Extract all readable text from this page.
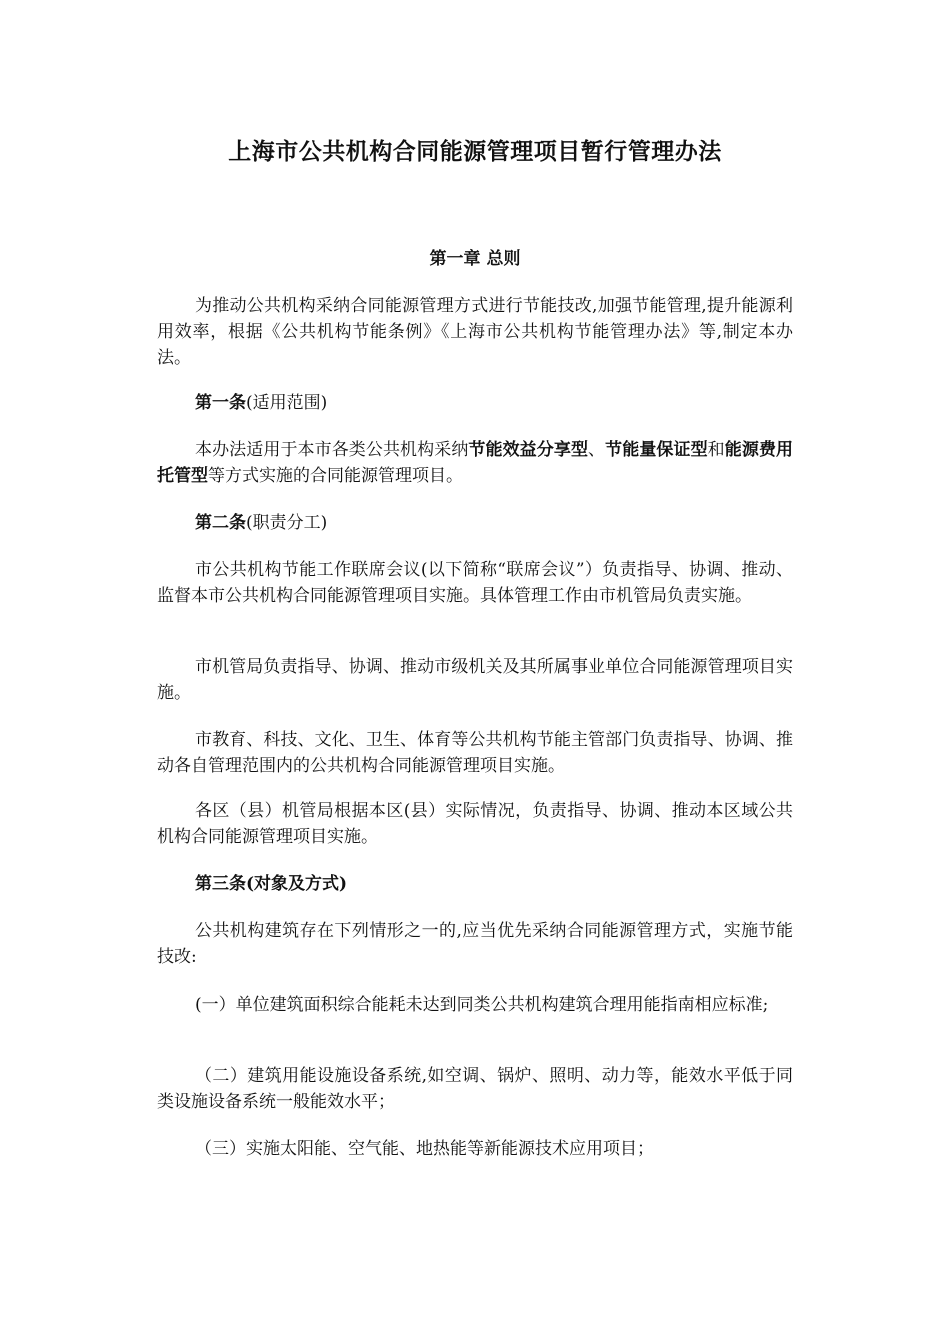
上海市公共机构合同能源管理项目暂行管理办法
第一章 总则

为推动公共机构采纳合同能源管理方式进行节能技改,加强节能管理,提升能源利用效率，根据《公共机构节能条例》《上海市公共机构节能管理办法》等,制定本办法。

第一条(适用范围)

本办法适用于本市各类公共机构采纳节能效益分享型、节能量保证型和能源费用托管型等方式实施的合同能源管理项目。

第二条(职责分工)

市公共机构节能工作联席会议(以下简称“联席会议”）负责指导、协调、推动、监督本市公共机构合同能源管理项目实施。具体管理工作由市机管局负责实施。

市机管局负责指导、协调、推动市级机关及其所属事业单位合同能源管理项目实施。

市教育、科技、文化、卫生、体育等公共机构节能主管部门负责指导、协调、推动各自管理范围内的公共机构合同能源管理项目实施。

各区（县）机管局根据本区(县）实际情况，负责指导、协调、推动本区域公共机构合同能源管理项目实施。

第三条(对象及方式)

公共机构建筑存在下列情形之一的,应当优先采纳合同能源管理方式，实施节能技改:

(一）单位建筑面积综合能耗未达到同类公共机构建筑合理用能指南相应标准;

（二）建筑用能设施设备系统,如空调、锅炉、照明、动力等，能效水平低于同类设施设备系统一般能效水平；

（三）实施太阳能、空气能、地热能等新能源技术应用项目；
